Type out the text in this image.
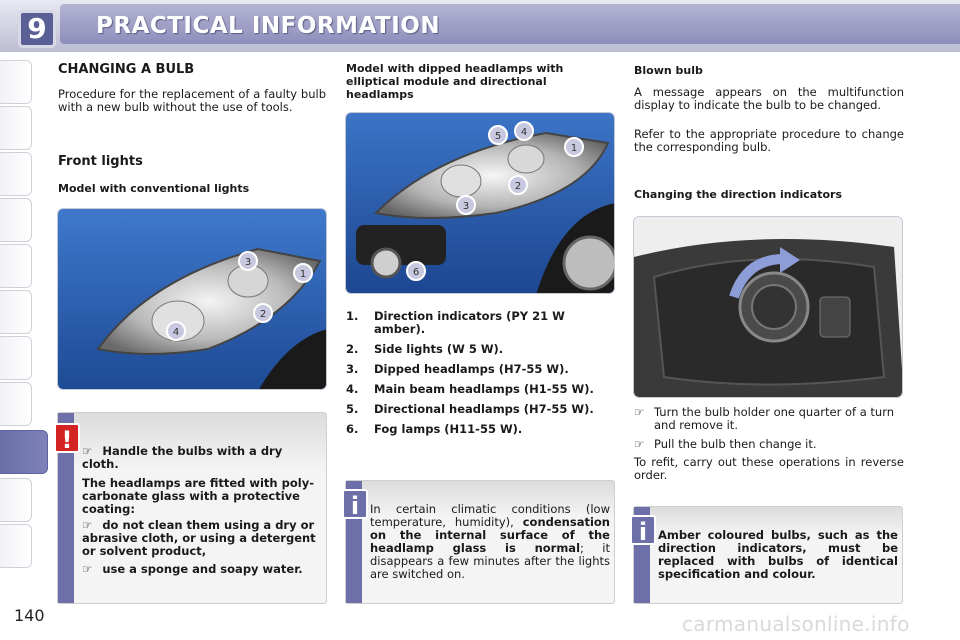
9	PRACTICAL INFORMATION
CHANGING A BULB
Procedure for the replacement of a faulty bulb with a new bulb without the use of tools.
Front lights
Model with conventional lights
1
2
3
4
! ☞ Handle the bulbs with a dry cloth.
The headlamps are fitted with poly-carbonate glass with a protective coating:
☞ do not clean them using a dry or abrasive cloth, or using a detergent or solvent product,
☞ use a sponge and soapy water.
Model with dipped headlamps with elliptical module and directional headlamps
1
2
3
4
5
6
1.	Direction indicators (PY 21 W amber).
2.	Side lights (W 5 W).
3.	Dipped headlamps (H7-55 W).
4.	Main beam headlamps (H1-55 W).
5.	Directional headlamps (H7-55 W).
6.	Fog lamps (H11-55 W).
i In certain climatic conditions (low temperature, humidity), condensation on the internal surface of the headlamp glass is normal; it disappears a few minutes after the lights are switched on.
Blown bulb
A message appears on the multifunction display to indicate the bulb to be changed.
Refer to the appropriate procedure to change the corresponding bulb.
Changing the direction indicators
☞ Turn the bulb holder one quarter of a turn and remove it.
☞ Pull the bulb then change it.
To refit, carry out these operations in reverse order.
i Amber coloured bulbs, such as the direction indicators, must be replaced with bulbs of identical specification and colour.
140	carmanualsonline.info
